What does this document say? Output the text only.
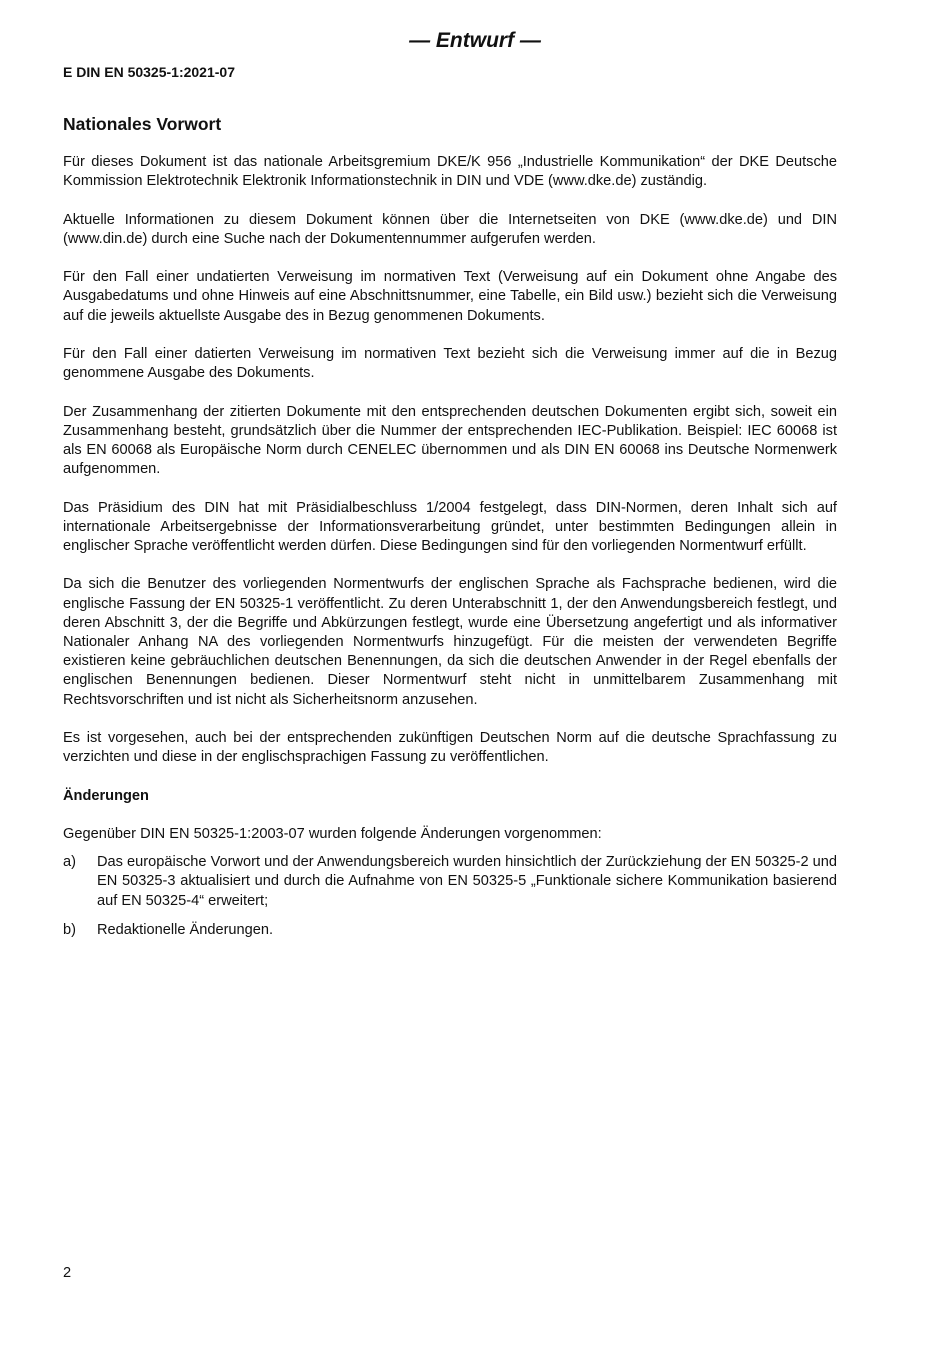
— Entwurf —
E DIN EN 50325-1:2021-07
Nationales Vorwort

Für dieses Dokument ist das nationale Arbeitsgremium DKE/K 956 „Industrielle Kommunikation“ der DKE Deutsche Kommission Elektrotechnik Elektronik Informationstechnik in DIN und VDE (www.dke.de) zuständig.

Aktuelle Informationen zu diesem Dokument können über die Internetseiten von DKE (www.dke.de) und DIN (www.din.de) durch eine Suche nach der Dokumentennummer aufgerufen werden.

Für den Fall einer undatierten Verweisung im normativen Text (Verweisung auf ein Dokument ohne Angabe des Ausgabedatums und ohne Hinweis auf eine Abschnittsnummer, eine Tabelle, ein Bild usw.) bezieht sich die Verweisung auf die jeweils aktuellste Ausgabe des in Bezug genommenen Dokuments.

Für den Fall einer datierten Verweisung im normativen Text bezieht sich die Verweisung immer auf die in Bezug genommene Ausgabe des Dokuments.

Der Zusammenhang der zitierten Dokumente mit den entsprechenden deutschen Dokumenten ergibt sich, soweit ein Zusammenhang besteht, grundsätzlich über die Nummer der entsprechenden IEC-Publikation. Beispiel: IEC 60068 ist als EN 60068 als Europäische Norm durch CENELEC übernommen und als DIN EN 60068 ins Deutsche Normenwerk aufgenommen.

Das Präsidium des DIN hat mit Präsidialbeschluss 1/2004 festgelegt, dass DIN-Normen, deren Inhalt sich auf internationale Arbeitsergebnisse der Informationsverarbeitung gründet, unter bestimmten Bedingungen allein in englischer Sprache veröffentlicht werden dürfen. Diese Bedingungen sind für den vorliegenden Normentwurf erfüllt.

Da sich die Benutzer des vorliegenden Normentwurfs der englischen Sprache als Fachsprache bedienen, wird die englische Fassung der EN 50325-1 veröffentlicht. Zu deren Unterabschnitt 1, der den Anwendungsbereich festlegt, und deren Abschnitt 3, der die Begriffe und Abkürzungen festlegt, wurde eine Übersetzung angefertigt und als informativer Nationaler Anhang NA des vorliegenden Normentwurfs hinzugefügt. Für die meisten der verwendeten Begriffe existieren keine gebräuchlichen deutschen Benennungen, da sich die deutschen Anwender in der Regel ebenfalls der englischen Benennungen bedienen. Dieser Normentwurf steht nicht in unmittelbarem Zusammenhang mit Rechtsvorschriften und ist nicht als Sicherheitsnorm anzusehen.

Es ist vorgesehen, auch bei der entsprechenden zukünftigen Deutschen Norm auf die deutsche Sprachfassung zu verzichten und diese in der englischsprachigen Fassung zu veröffentlichen.

Änderungen

Gegenüber DIN EN 50325-1:2003-07 wurden folgende Änderungen vorgenommen:

a)	Das europäische Vorwort und der Anwendungsbereich wurden hinsichtlich der Zurückziehung der EN 50325-2 und EN 50325-3 aktualisiert und durch die Aufnahme von EN 50325-5 „Funktionale sichere Kommunikation basierend auf EN 50325-4“ erweitert;
b)	Redaktionelle Änderungen.
2
